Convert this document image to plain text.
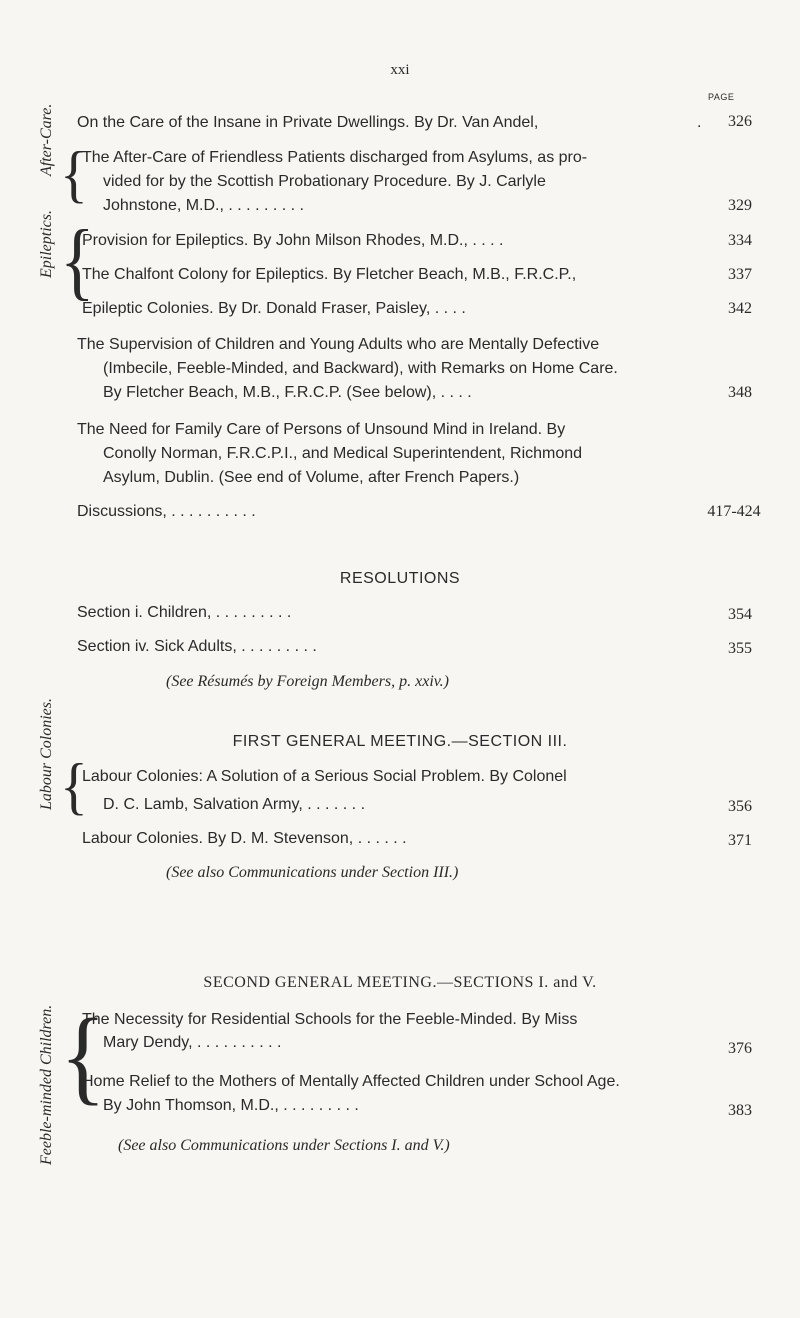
xxi
PAGE
After-Care.
Epileptics.
Labour Colonies.
Feeble-minded Children.
{
{
{
{
On the Care of the Insane in Private Dwellings. By Dr. Van Andel,	.	326
The After-Care of Friendless Patients discharged from Asylums, as pro-
vided for by the Scottish Probationary Procedure. By J. Carlyle
Johnstone, M.D., . . . . . . . . .	329
Provision for Epileptics. By John Milson Rhodes, M.D., . . . .	334
The Chalfont Colony for Epileptics. By Fletcher Beach, M.B., F.R.C.P.,	337
Epileptic Colonies. By Dr. Donald Fraser, Paisley, . . . .	342
The Supervision of Children and Young Adults who are Mentally Defective
(Imbecile, Feeble-Minded, and Backward), with Remarks on Home Care.
By Fletcher Beach, M.B., F.R.C.P. (See below), . . . .	348
The Need for Family Care of Persons of Unsound Mind in Ireland. By
Conolly Norman, F.R.C.P.I., and Medical Superintendent, Richmond
Asylum, Dublin. (See end of Volume, after French Papers.)
Discussions, . . . . . . . . . .	417-424
RESOLUTIONS
Section i. Children, . . . . . . . . .	354
Section iv. Sick Adults, . . . . . . . . .	355
(See Résumés by Foreign Members, p. xxiv.)
FIRST GENERAL MEETING.—SECTION III.
Labour Colonies: A Solution of a Serious Social Problem. By Colonel
D. C. Lamb, Salvation Army, . . . . . . .	356
Labour Colonies. By D. M. Stevenson, . . . . . .	371
(See also Communications under Section III.)
SECOND GENERAL MEETING.—SECTIONS I. and V.
The Necessity for Residential Schools for the Feeble-Minded. By Miss
Mary Dendy, . . . . . . . . . .	376
Home Relief to the Mothers of Mentally Affected Children under School Age.
By John Thomson, M.D., . . . . . . . . .	383
(See also Communications under Sections I. and V.)
